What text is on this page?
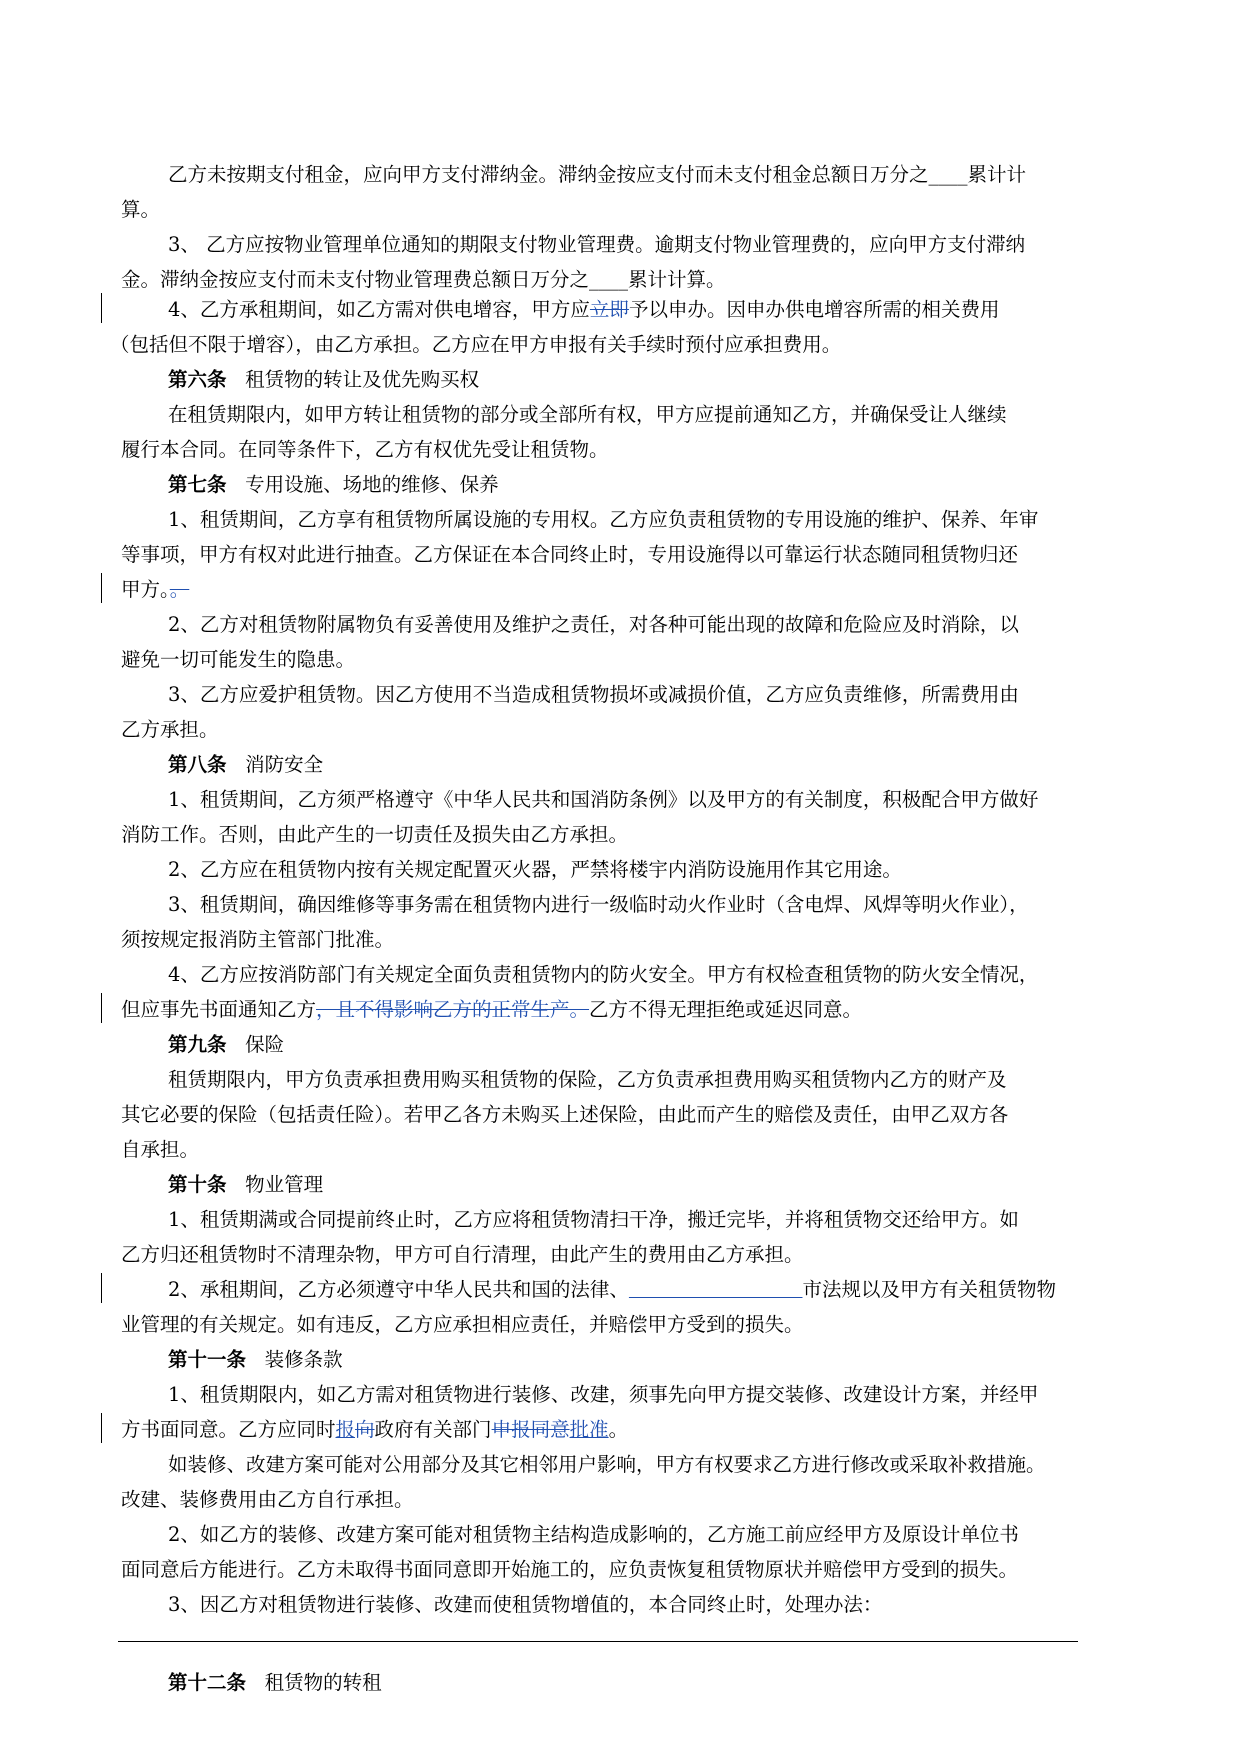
乙方未按期支付租金，应向甲方支付滞纳金。滞纳金按应支付而未支付租金总额日万分之____累计计
算。
3、 乙方应按物业管理单位通知的期限支付物业管理费。逾期支付物业管理费的，应向甲方支付滞纳
金。滞纳金按应支付而未支付物业管理费总额日万分之____累计计算。
4、乙方承租期间，如乙方需对供电增容，甲方应立即予以申办。因申办供电增容所需的相关费用
（包括但不限于增容），由乙方承担。乙方应在甲方申报有关手续时预付应承担费用。
第六条 租赁物的转让及优先购买权
在租赁期限内，如甲方转让租赁物的部分或全部所有权，甲方应提前通知乙方，并确保受让人继续
履行本合同。在同等条件下，乙方有权优先受让租赁物。
第七条 专用设施、场地的维修、保养
1、租赁期间，乙方享有租赁物所属设施的专用权。乙方应负责租赁物的专用设施的维护、保养、年审
等事项，甲方有权对此进行抽查。乙方保证在本合同终止时，专用设施得以可靠运行状态随同租赁物归还
甲方。。
2、乙方对租赁物附属物负有妥善使用及维护之责任，对各种可能出现的故障和危险应及时消除，以
避免一切可能发生的隐患。
3、乙方应爱护租赁物。因乙方使用不当造成租赁物损坏或减损价值，乙方应负责维修，所需费用由
乙方承担。
第八条 消防安全
1、租赁期间，乙方须严格遵守《中华人民共和国消防条例》以及甲方的有关制度，积极配合甲方做好
消防工作。否则，由此产生的一切责任及损失由乙方承担。
2、乙方应在租赁物内按有关规定配置灭火器，严禁将楼宇内消防设施用作其它用途。
3、租赁期间，确因维修等事务需在租赁物内进行一级临时动火作业时（含电焊、风焊等明火作业），
须按规定报消防主管部门批准。
4、乙方应按消防部门有关规定全面负责租赁物内的防火安全。甲方有权检查租赁物的防火安全情况，
但应事先书面通知乙方，且不得影响乙方的正常生产。乙方不得无理拒绝或延迟同意。
第九条 保险
租赁期限内，甲方负责承担费用购买租赁物的保险，乙方负责承担费用购买租赁物内乙方的财产及
其它必要的保险（包括责任险）。若甲乙各方未购买上述保险，由此而产生的赔偿及责任，由甲乙双方各
自承担。
第十条 物业管理
1、租赁期满或合同提前终止时，乙方应将租赁物清扫干净，搬迁完毕，并将租赁物交还给甲方。如
乙方归还租赁物时不清理杂物，甲方可自行清理，由此产生的费用由乙方承担。
2、承租期间，乙方必须遵守中华人民共和国的法律、	市法规以及甲方有关租赁物物
业管理的有关规定。如有违反，乙方应承担相应责任，并赔偿甲方受到的损失。
第十一条 装修条款
1、租赁期限内，如乙方需对租赁物进行装修、改建，须事先向甲方提交装修、改建设计方案，并经甲
方书面同意。乙方应同时报向政府有关部门申报同意批准。
如装修、改建方案可能对公用部分及其它相邻用户影响，甲方有权要求乙方进行修改或采取补救措施。
改建、装修费用由乙方自行承担。
2、如乙方的装修、改建方案可能对租赁物主结构造成影响的，乙方施工前应经甲方及原设计单位书
面同意后方能进行。乙方未取得书面同意即开始施工的，应负责恢复租赁物原状并赔偿甲方受到的损失。
3、因乙方对租赁物进行装修、改建而使租赁物增值的，本合同终止时，处理办法：
第十二条 租赁物的转租
